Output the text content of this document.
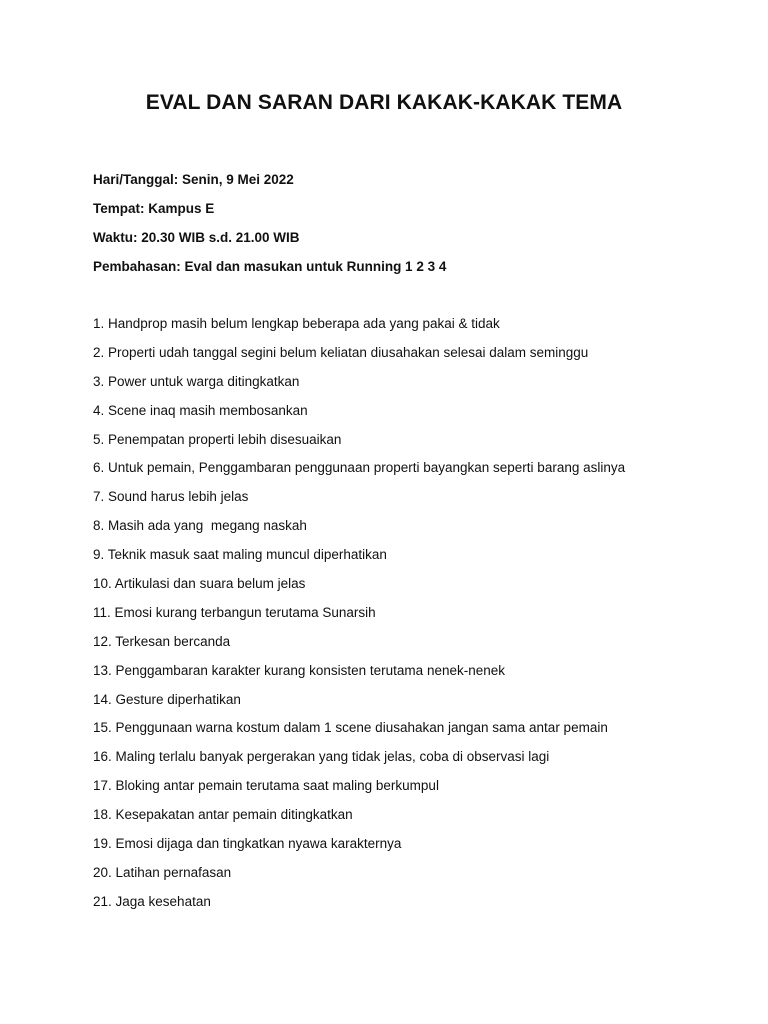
EVAL DAN SARAN DARI KAKAK-KAKAK TEMA
Hari/Tanggal: Senin, 9 Mei 2022
Tempat: Kampus E
Waktu: 20.30 WIB s.d. 21.00 WIB
Pembahasan: Eval dan masukan untuk Running 1 2 3 4
1. Handprop masih belum lengkap beberapa ada yang pakai & tidak
2. Properti udah tanggal segini belum keliatan diusahakan selesai dalam seminggu
3. Power untuk warga ditingkatkan
4. Scene inaq masih membosankan
5. Penempatan properti lebih disesuaikan
6. Untuk pemain, Penggambaran penggunaan properti bayangkan seperti barang aslinya
7. Sound harus lebih jelas
8. Masih ada yang  megang naskah
9. Teknik masuk saat maling muncul diperhatikan
10. Artikulasi dan suara belum jelas
11. Emosi kurang terbangun terutama Sunarsih
12. Terkesan bercanda
13. Penggambaran karakter kurang konsisten terutama nenek-nenek
14. Gesture diperhatikan
15. Penggunaan warna kostum dalam 1 scene diusahakan jangan sama antar pemain
16. Maling terlalu banyak pergerakan yang tidak jelas, coba di observasi lagi
17. Bloking antar pemain terutama saat maling berkumpul
18. Kesepakatan antar pemain ditingkatkan
19. Emosi dijaga dan tingkatkan nyawa karakternya
20. Latihan pernafasan
21. Jaga kesehatan
